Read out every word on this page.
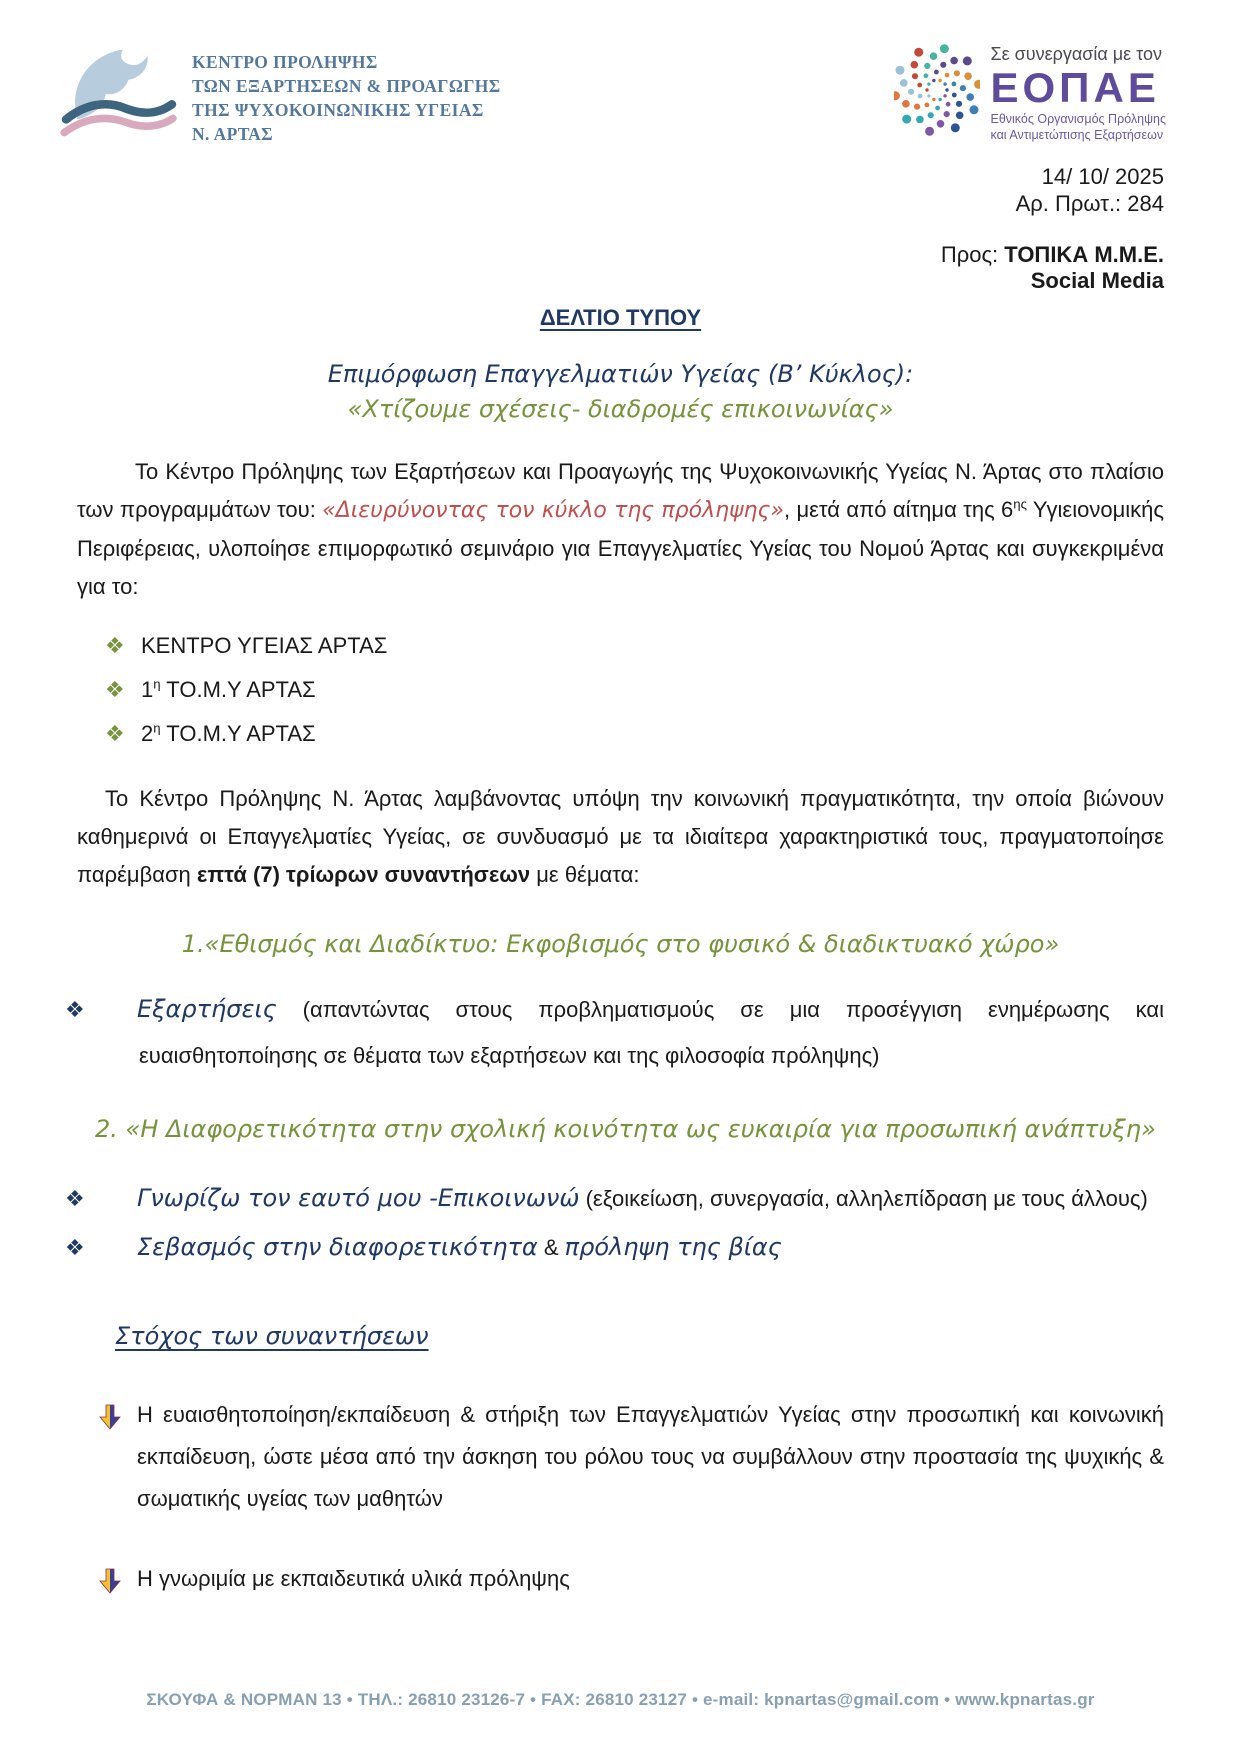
ΚΕΝΤΡΟ ΠΡΟΛΗΨΗΣ
ΤΩΝ ΕΞΑΡΤΗΣΕΩΝ & ΠΡΟΑΓΩΓΗΣ
ΤΗΣ ΨΥΧΟΚΟΙΝΩΝΙΚΗΣ ΥΓΕΙΑΣ
Ν. ΑΡΤΑΣ
Σε συνεργασία με τον
ΕΟΠΑΕ
Εθνικός Οργανισμός Πρόληψης
και Αντιμετώπισης Εξαρτήσεων
14/ 10/ 2025
Αρ. Πρωτ.: 284
Προς: ΤΟΠΙΚΑ Μ.Μ.Ε.
Social Media
ΔΕΛΤΙΟ ΤΥΠΟΥ
Επιμόρφωση Επαγγελματιών Υγείας (Β’ Κύκλος):
«Χτίζουμε σχέσεις- διαδρομές επικοινωνίας»

Το Κέντρο Πρόληψης των Εξαρτήσεων και Προαγωγής της Ψυχοκοινωνικής Υγείας Ν. Άρτας στο πλαίσιο των προγραμμάτων του: «Διευρύνοντας τον κύκλο της πρόληψης», μετά από αίτημα της $6^{\eta\varsigma}$ Υγιειονομικής Περιφέρειας, υλοποίησε επιμορφωτικό σεμινάριο για Επαγγελματίες Υγείας του Νομού Άρτας και συγκεκριμένα για το:

❖ ΚΕΝΤΡΟ ΥΓΕΙΑΣ ΑΡΤΑΣ
❖ $1^\eta$ ΤΟ.Μ.Υ ΑΡΤΑΣ
❖ $2^\eta$ ΤΟ.Μ.Υ ΑΡΤΑΣ

Το Κέντρο Πρόληψης Ν. Άρτας λαμβάνοντας υπόψη την κοινωνική πραγματικότητα, την οποία βιώνουν καθημερινά οι Επαγγελματίες Υγείας, σε συνδυασμό με τα ιδιαίτερα χαρακτηριστικά τους, πραγματοποίησε παρέμβαση επτά (7) τρίωρων συναντήσεων με θέματα:

1.«Εθισμός και Διαδίκτυο: Εκφοβισμός στο φυσικό & διαδικτυακό χώρο»
❖ Εξαρτήσεις (απαντώντας στους προβληματισμούς σε μια προσέγγιση ενημέρωσης και ευαισθητοποίησης σε θέματα των εξαρτήσεων και της φιλοσοφία πρόληψης)
2. «Η Διαφορετικότητα στην σχολική κοινότητα ως ευκαιρία για προσωπική ανάπτυξη»
❖ Γνωρίζω τον εαυτό μου -Επικοινωνώ (εξοικείωση, συνεργασία, αλληλεπίδραση με τους άλλους)
❖ Σεβασμός στην διαφορετικότητα & πρόληψη της βίας
Στόχος των συναντήσεων
Η ευαισθητοποίηση/εκπαίδευση & στήριξη των Επαγγελματιών Υγείας στην προσωπική και κοινωνική εκπαίδευση, ώστε μέσα από την άσκηση του ρόλου τους να συμβάλλουν στην προστασία της ψυχικής & σωματικής υγείας των μαθητών
Η γνωριμία με εκπαιδευτικά υλικά πρόληψης
ΣΚΟΥΦΑ & ΝΟΡΜΑΝ 13 • ΤΗΛ.: 26810 23126-7 • FAX: 26810 23127 • e-mail: kpnartas@gmail.com • www.kpnartas.gr
